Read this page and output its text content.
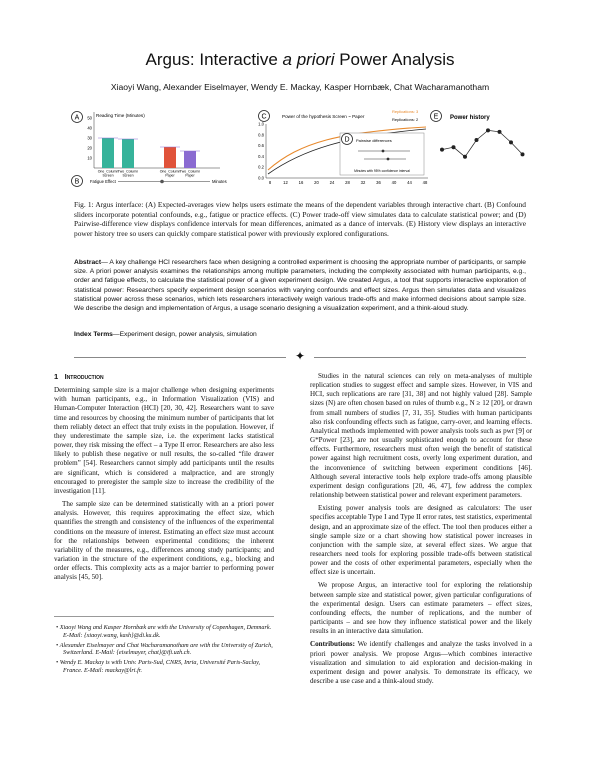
Argus: Interactive a priori Power Analysis
Xiaoyi Wang, Alexander Eiselmayer, Wendy E. Mackay, Kasper Hornbæk, Chat Wacharamanotham
A	Reading Time (Minutes)
50
40
30
20
10
One_Column
Screen
Two_Column
Screen
One_Column
Paper
Two_Column
Paper
B	Fatigue Effect	Minutes
C	Power of the hypothesis Screen ~ Paper
Replications: 3
Replications: 2
1.0
0.8
0.6
0.4
0.2
0.0
8	12	16	20	24	28	32	36	40	44	48
D Pairwise differences
Minutes with 95% confidence interval
E Power history
Fig. 1: Argus interface: (A) Expected-averages view helps users estimate the means of the dependent variables through interactive chart. (B) Confound sliders incorporate potential confounds, e.g., fatigue or practice effects. (C) Power trade-off view simulates data to calculate statistical power; and (D) Pairwise-difference view displays confidence intervals for mean differences, animated as a dance of intervals. (E) History view displays an interactive power history tree so users can quickly compare statistical power with previously explored configurations.
Abstract— A key challenge HCI researchers face when designing a controlled experiment is choosing the appropriate number of participants, or sample size. A priori power analysis examines the relationships among multiple parameters, including the complexity associated with human participants, e.g., order and fatigue effects, to calculate the statistical power of a given experiment design. We created Argus, a tool that supports interactive exploration of statistical power: Researchers specify experiment design scenarios with varying confounds and effect sizes. Argus then simulates data and visualizes statistical power across these scenarios, which lets researchers interactively weigh various trade-offs and make informed decisions about sample size. We describe the design and implementation of Argus, a usage scenario designing a visualization experiment, and a think-aloud study.
Index Terms—Experiment design, power analysis, simulation
✦
1 Introduction

Determining sample size is a major challenge when designing experiments with human participants, e.g., in Information Visualization (VIS) and Human-Computer Interaction (HCI) [20, 30, 42]. Researchers want to save time and resources by choosing the minimum number of participants that let them reliably detect an effect that truly exists in the population. However, if they underestimate the sample size, i.e. the experiment lacks statistical power, they risk missing the effect – a Type II error. Researchers are also less likely to publish these negative or null results, the so-called “file drawer problem” [54]. Researchers cannot simply add participants until the results are significant, which is considered a malpractice, and are strongly encouraged to preregister the sample size to increase the credibility of the investigation [11].

The sample size can be determined statistically with an a priori power analysis. However, this requires approximating the effect size, which quantifies the strength and consistency of the influences of the experimental conditions on the measure of interest. Estimating an effect size must account for the relationships between experimental conditions; the inherent variability of the measures, e.g., differences among study participants; and variation in the structure of the experiment conditions, e.g., blocking and order effects. This complexity acts as a major barrier to performing power analysis [45, 50].

• Xiaoyi Wang and Kasper Hornbæk are with the University of Copenhagen, Denmark. E-Mail: {xiaoyi.wang, kash}@di.ku.dk.
• Alexander Eiselmayer and Chat Wacharamanotham are with the University of Zurich, Switzerland. E-Mail: {eiselmayer, chat}@ifi.uzh.ch.
• Wendy E. Mackay is with Univ. Paris-Sud, CNRS, Inria, Université Paris-Saclay, France. E-Mail: mackay@lri.fr.

Studies in the natural sciences can rely on meta-analyses of multiple replication studies to suggest effect and sample sizes. However, in VIS and HCI, such replications are rare [31, 38] and not highly valued [28]. Sample sizes (N) are often chosen based on rules of thumb e.g., N ≥ 12 [20], or drawn from small numbers of studies [7, 31, 35]. Studies with human participants also risk confounding effects such as fatigue, carry-over, and learning effects. Analytical methods implemented with power analysis tools such as pwr [9] or G*Power [23], are not usually sophisticated enough to account for these effects. Furthermore, researchers must often weigh the benefit of statistical power against high recruitment costs, overly long experiment duration, and the inconvenience of switching between experiment conditions [46]. Although several interactive tools help explore trade-offs among plausible experiment design configurations [20, 46, 47], few address the complex relationship between statistical power and relevant experiment parameters.

Existing power analysis tools are designed as calculators: The user specifies acceptable Type I and Type II error rates, test statistics, experimental design, and an approximate size of the effect. The tool then produces either a single sample size or a chart showing how statistical power increases in conjunction with the sample size, at several effect sizes. We argue that researchers need tools for exploring possible trade-offs between statistical power and the costs of other experimental parameters, especially when the effect size is uncertain.

We propose Argus, an interactive tool for exploring the relationship between sample size and statistical power, given particular configurations of the experimental design. Users can estimate parameters – effect sizes, confounding effects, the number of replications, and the number of participants – and see how they influence statistical power and the likely results in an interactive data simulation.

Contributions: We identify challenges and analyze the tasks involved in a priori power analysis. We propose Argus—which combines interactive visualization and simulation to aid exploration and decision-making in experiment design and power analysis. To demonstrate its efficacy, we describe a use case and a think-aloud study.
